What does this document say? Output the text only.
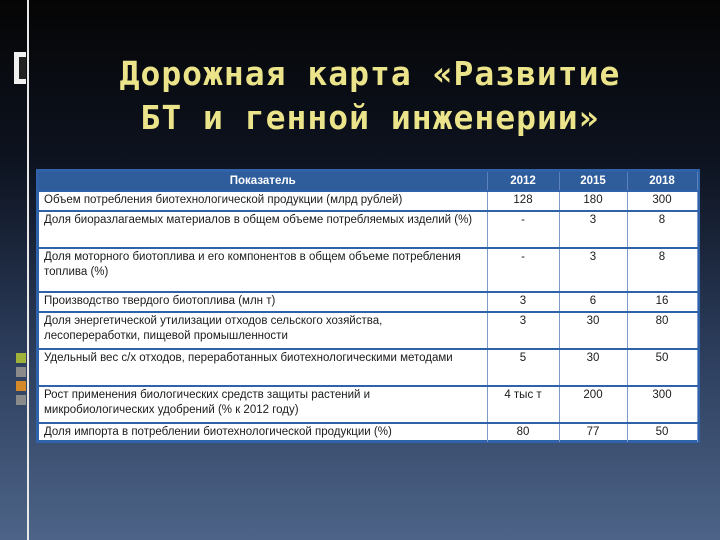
Дорожная карта «Развитие
БТ и генной инженерии»
Показатель	2012	2015	2018
Объем потребления биотехнологической продукции (млрд рублей)	128	180	300
Доля биоразлагаемых материалов в общем объеме потребляемых изделий (%)	-	3	8
Доля моторного биотоплива и его компонентов в общем объеме потребления топлива (%)	-	3	8
Производство твердого биотоплива (млн т)	3	6	16
Доля энергетической утилизации отходов сельского хозяйства, лесопереработки, пищевой промышленности	3	30	80
Удельный вес с/х отходов, переработанных биотехнологическими методами	5	30	50
Рост применения биологических средств защиты растений и микробиологических удобрений (% к 2012 году)	4 тыс т	200	300
Доля импорта в потреблении биотехнологической продукции (%)	80	77	50
